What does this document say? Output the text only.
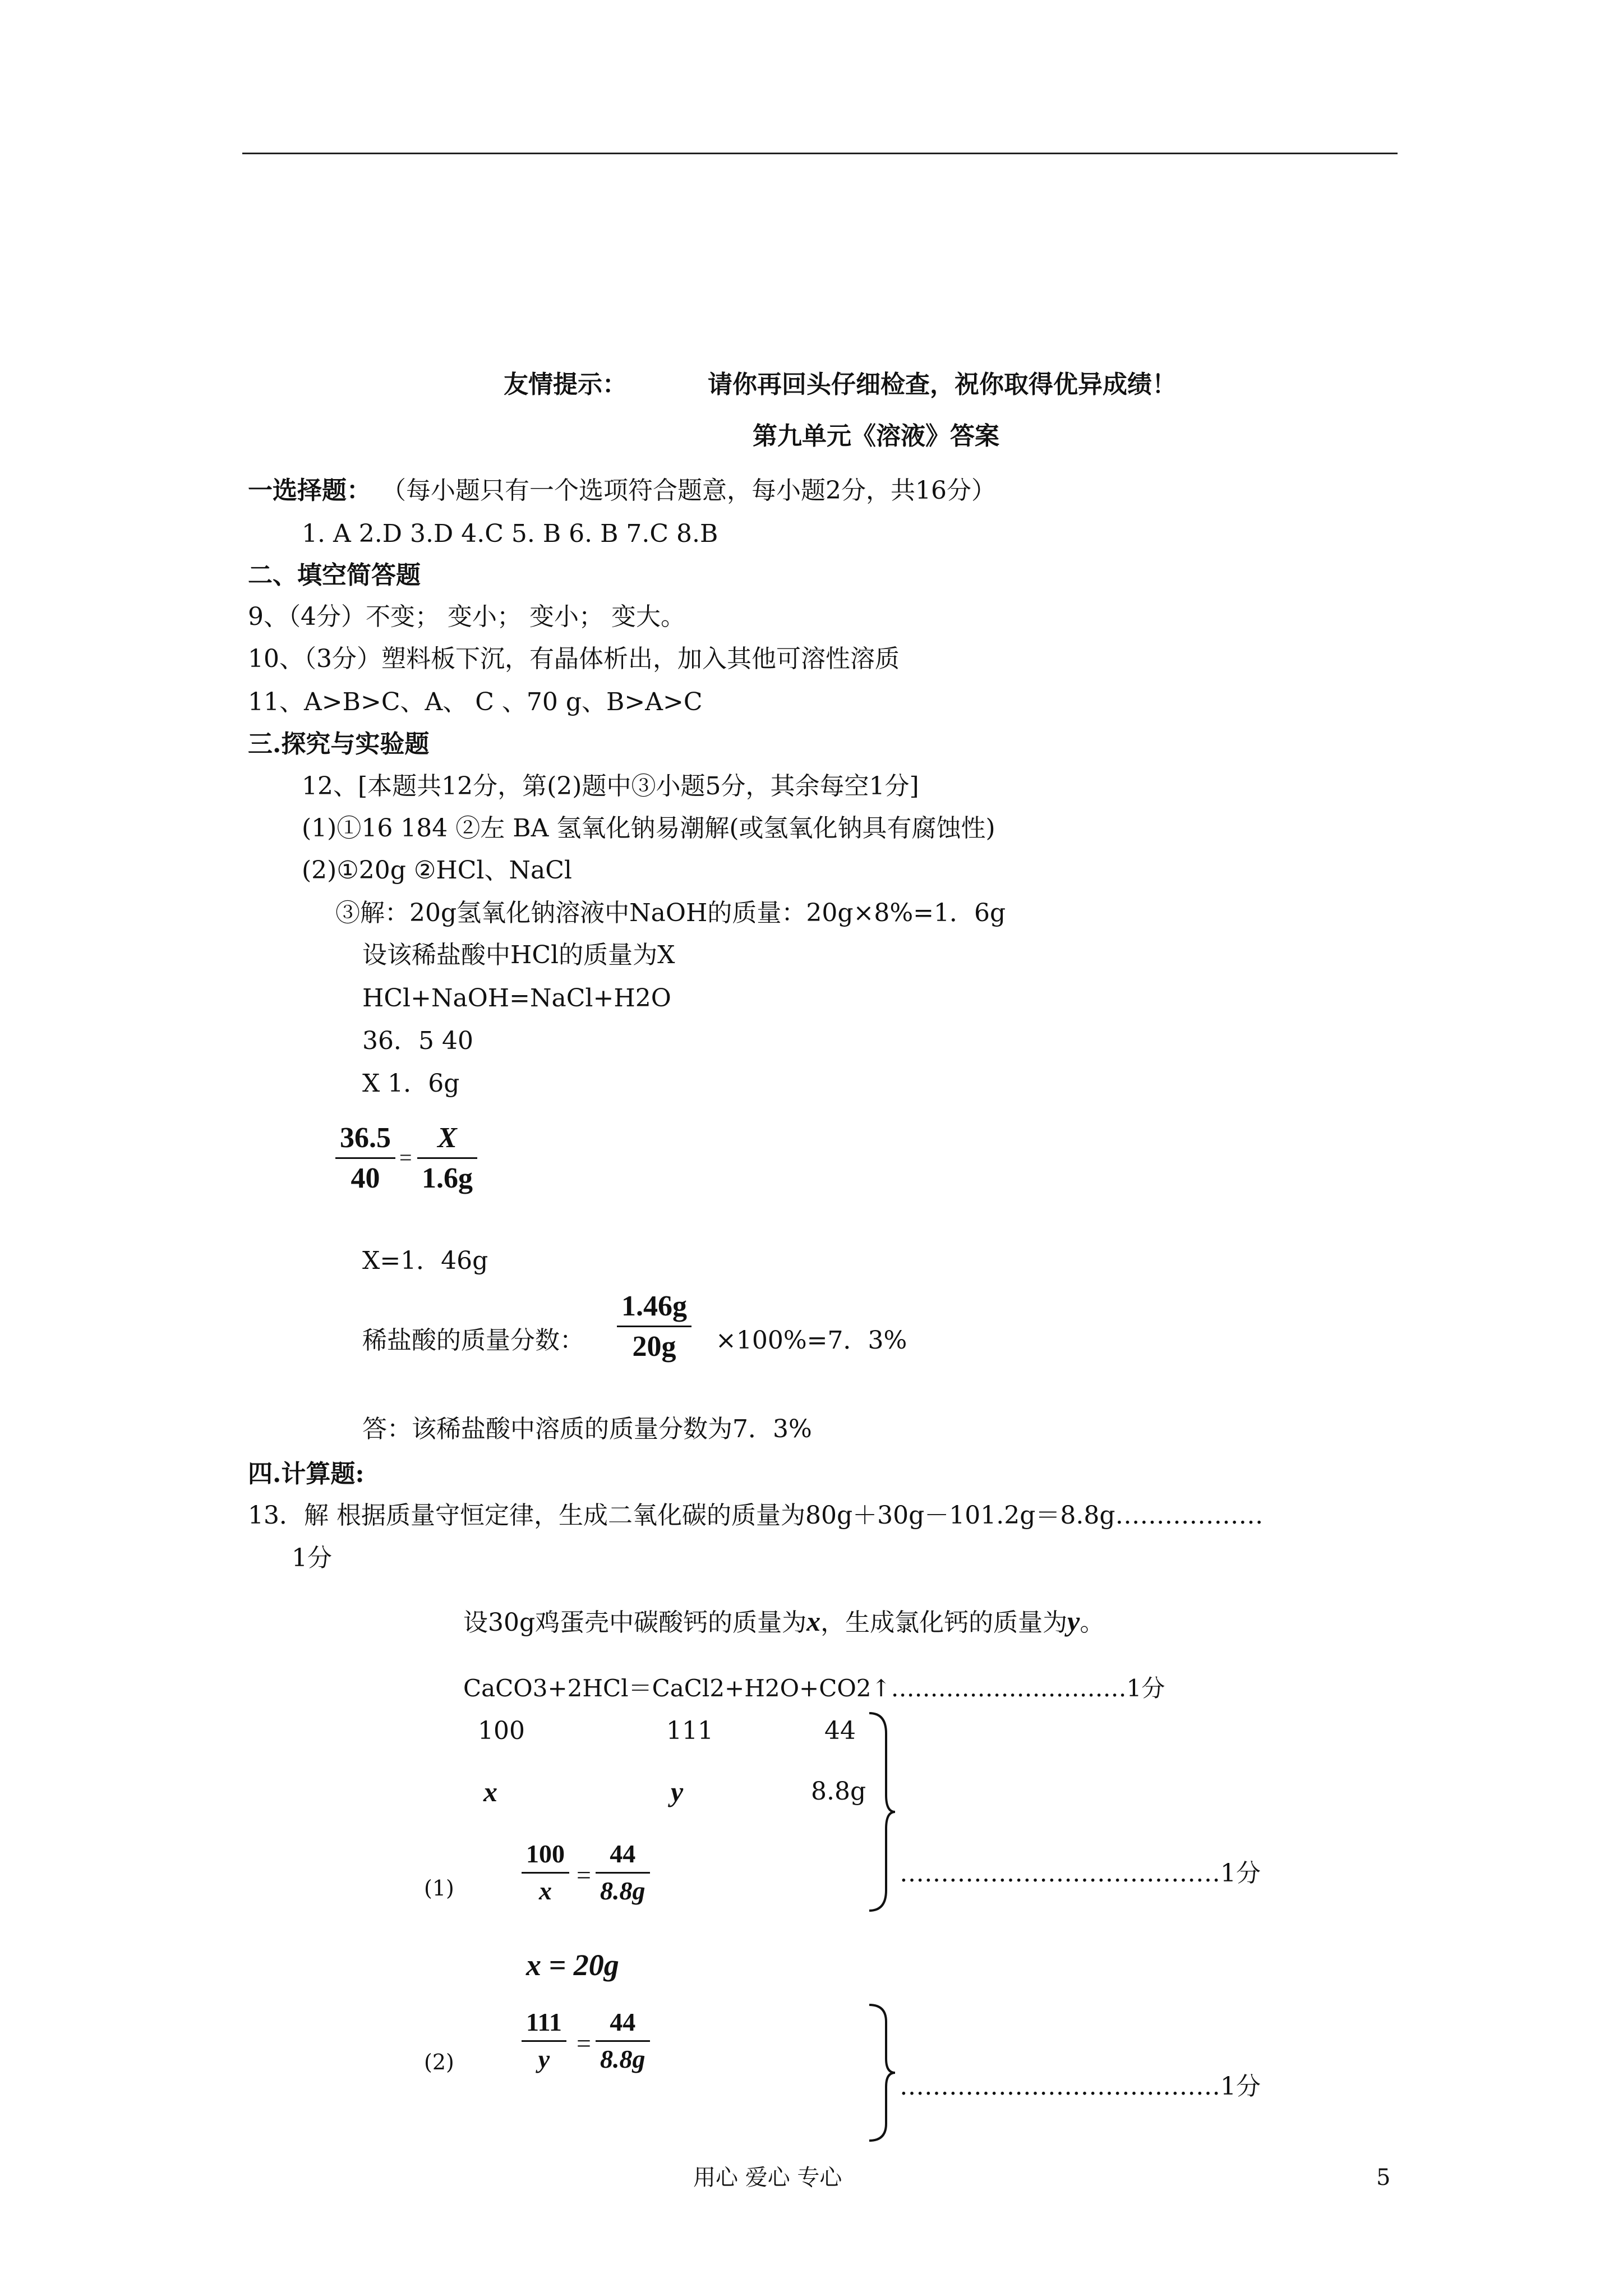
友情提示：	请你再回头仔细检查，祝你取得优异成绩！
第九单元《溶液》答案
一选择题： （每小题只有一个选项符合题意，每小题2分，共16分）
1. A 2.D 3.D 4.C 5. B 6. B 7.C 8.B
二、填空简答题
9、（4分）不变； 变小； 变小； 变大。
10、（3分）塑料板下沉，有晶体析出，加入其他可溶性溶质
11、A>B>C、A、 C 、70 g、B>A>C
三.探究与实验题
12、[本题共12分，第(2)题中③小题5分，其余每空1分]
(1)①16 184 ②左 BA 氢氧化钠易潮解(或氢氧化钠具有腐蚀性)
(2)①20g ②HCl、NaCl
③解：20g氢氧化钠溶液中NaOH的质量：20g×8%=1．6g
设该稀盐酸中HCl的质量为X
HCl+NaOH=NaCl+H2O
36．5 40
X 1．6g
36.5
40
=
X
1.6g
X=1．46g
稀盐酸的质量分数：
1.46g
20g ×100%=7．3%
答：该稀盐酸中溶质的质量分数为7．3%
四.计算题:
13．解 根据质量守恒定律，生成二氧化碳的质量为80g＋30g－101.2g＝8.8g………………
1分
设30g鸡蛋壳中碳酸钙的质量为x，生成氯化钙的质量为y。
CaCO3+2HCl＝CaCl2+H2O+CO2↑…………………………1分
100	111	44
x	y	8.8g
(1)
100
x
=
44
8.8g
…………………………………1分
x = 20g
(2)
111
y
=
44
8.8g
…………………………………1分
用心 爱心 专心	5
